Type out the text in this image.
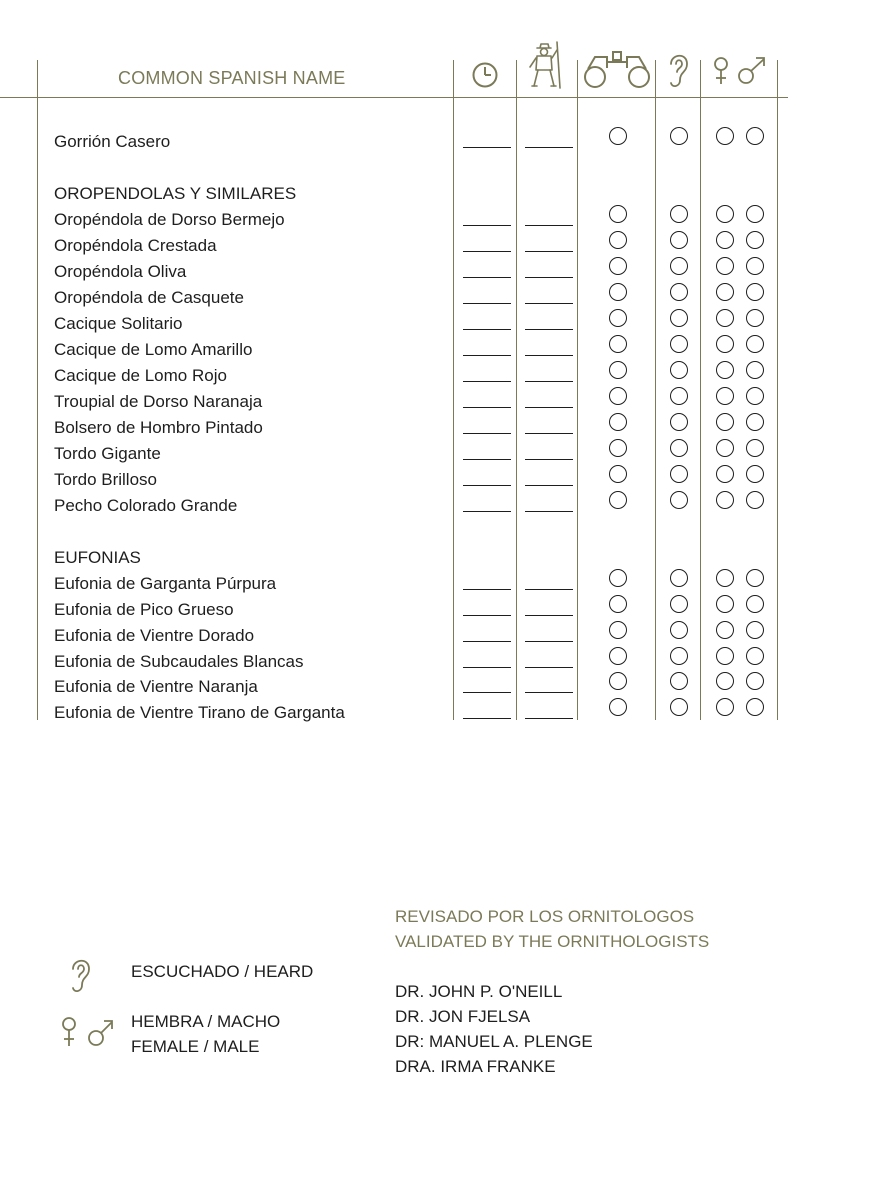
COMMON SPANISH NAME
Gorrión Casero
OROPENDOLAS Y SIMILARES
Oropéndola de Dorso Bermejo
Oropéndola Crestada
Oropéndola Oliva
Oropéndola de Casquete
Cacique Solitario
Cacique de Lomo Amarillo
Cacique de Lomo Rojo
Troupial de Dorso Naranaja
Bolsero de Hombro Pintado
Tordo Gigante
Tordo Brilloso
Pecho Colorado Grande
EUFONIAS
Eufonia de Garganta Púrpura
Eufonia de Pico Grueso
Eufonia de Vientre Dorado
Eufonia de Subcaudales Blancas
Eufonia de Vientre Naranja
Eufonia de Vientre Tirano de Garganta
ESCUCHADO / HEARD
HEMBRA / MACHO
FEMALE / MALE
REVISADO POR LOS ORNITOLOGOS
VALIDATED BY THE ORNITHOLOGISTS
DR. JOHN P. O'NEILL
DR. JON FJELSA
DR: MANUEL A. PLENGE
DRA. IRMA FRANKE
